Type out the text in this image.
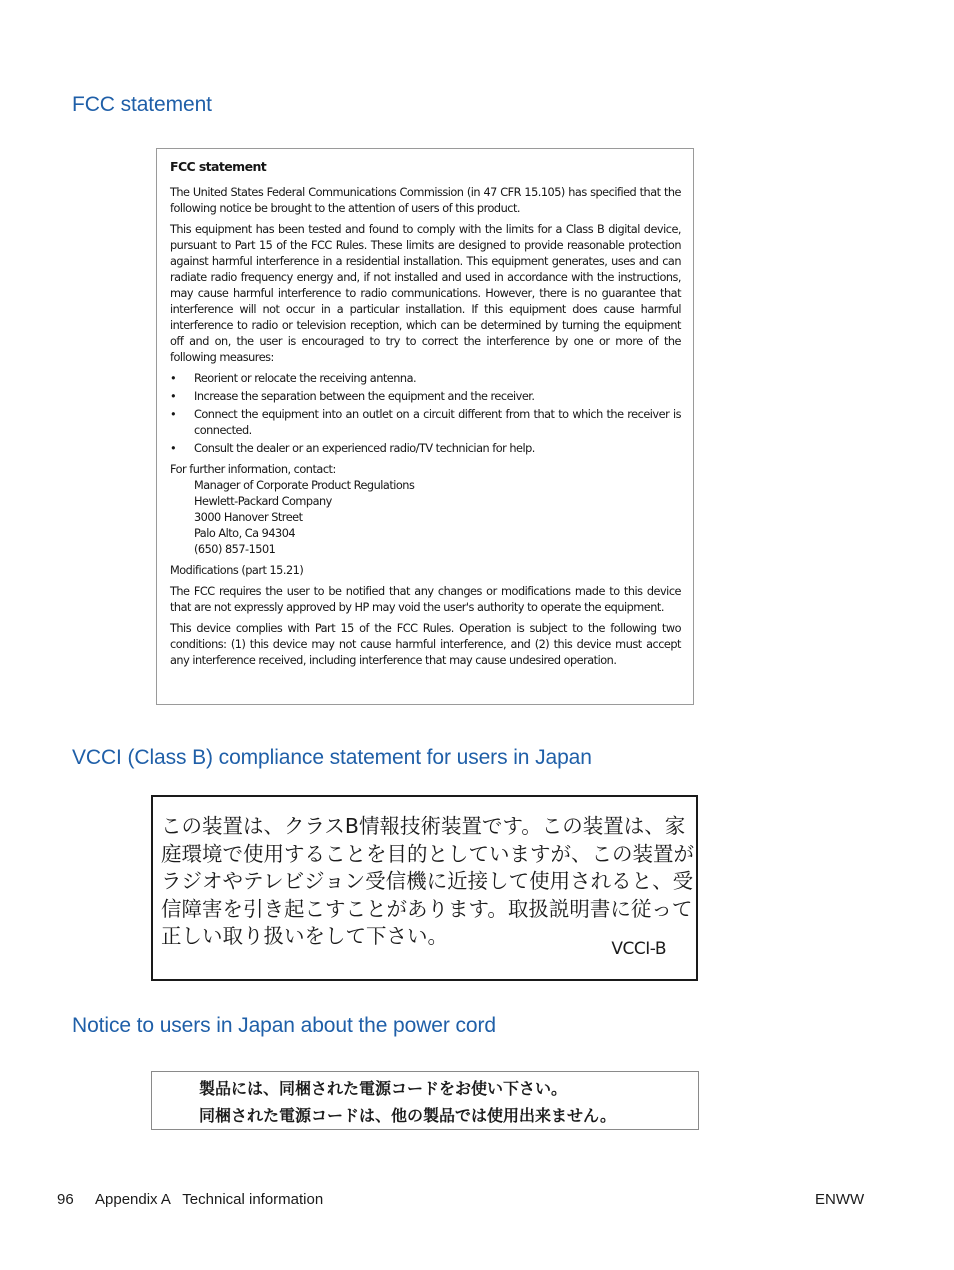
FCC statement

FCC statement

The United States Federal Communications Commission (in 47 CFR 15.105) has specified that the following notice be brought to the attention of users of this product.

This equipment has been tested and found to comply with the limits for a Class B digital device, pursuant to Part 15 of the FCC Rules. These limits are designed to provide reasonable protection against harmful interference in a residential installation. This equipment generates, uses and can radiate radio frequency energy and, if not installed and used in accordance with the instructions, may cause harmful interference to radio communications. However, there is no guarantee that interference will not occur in a particular installation. If this equipment does cause harmful interference to radio or television reception, which can be determined by turning the equipment off and on, the user is encouraged to try to correct the interference by one or more of the following measures:

• Reorient or relocate the receiving antenna.
• Increase the separation between the equipment and the receiver.
• Connect the equipment into an outlet on a circuit different from that to which the receiver is connected.
• Consult the dealer or an experienced radio/TV technician for help.

For further information, contact:

Manager of Corporate Product Regulations
Hewlett-Packard Company
3000 Hanover Street
Palo Alto, Ca 94304
(650) 857-1501

Modifications (part 15.21)

The FCC requires the user to be notified that any changes or modifications made to this device that are not expressly approved by HP may void the user's authority to operate the equipment.

This device complies with Part 15 of the FCC Rules. Operation is subject to the following two conditions: (1) this device may not cause harmful interference, and (2) this device must accept any interference received, including interference that may cause undesired operation.

VCCI (Class B) compliance statement for users in Japan
この装置は、クラスB情報技術装置です。この装置は、家
庭環境で使用することを目的としていますが、この装置が
ラジオやテレビジョン受信機に近接して使用されると、受
信障害を引き起こすことがあります。取扱説明書に従って
正しい取り扱いをして下さい。
VCCI-B
Notice to users in Japan about the power cord
製品には、同梱された電源コードをお使い下さい。
同梱された電源コードは、他の製品では使用出来ません。
96 Appendix A   Technical information	ENWW
